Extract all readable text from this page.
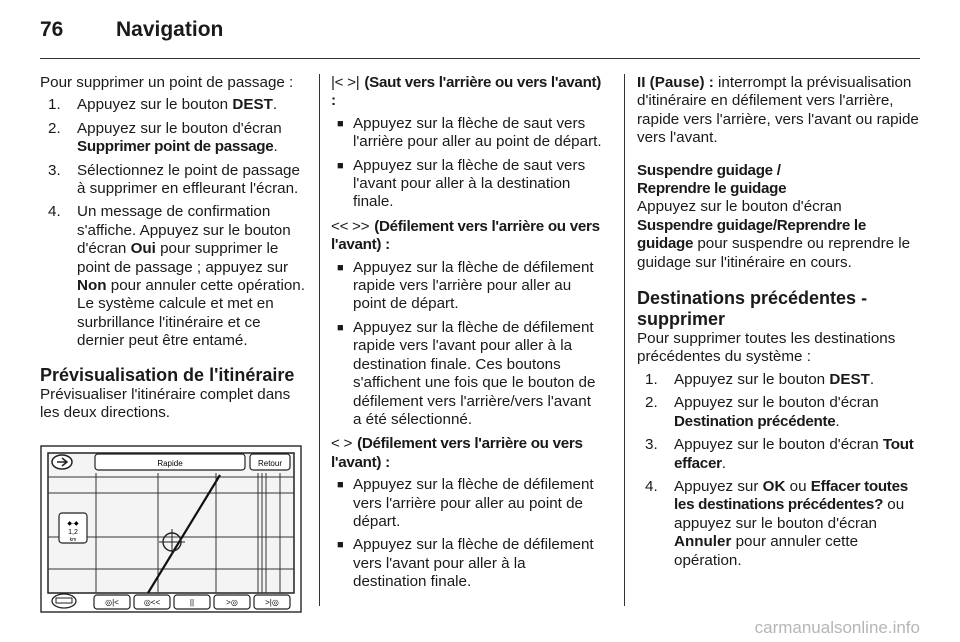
76	Navigation

Pour supprimer un point de passage :

1. Appuyez sur le bouton DEST.
2. Appuyez sur le bouton d'écran Supprimer point de passage.
3. Sélectionnez le point de passage à supprimer en effleurant l'écran.
4. Un message de confirmation s'affiche. Appuyez sur le bouton d'écran Oui pour supprimer le point de passage ; appuyez sur Non pour annuler cette opération. Le système calcule et met en surbrillance l'itinéraire et ce dernier peut être entamé.
Prévisualisation de l'itinéraire

Prévisualiser l'itinéraire complet dans les deux directions.

Rapide	Retour
◆-◆
1,2
km
◎|<	◎<<	||	>◎	>|◎

|< >| (Saut vers l'arrière ou vers l'avant) :

■ Appuyez sur la flèche de saut vers l'arrière pour aller au point de départ.
■ Appuyez sur la flèche de saut vers l'avant pour aller à la destination finale.

<< >> (Défilement vers l'arrière ou vers l'avant) :

■ Appuyez sur la flèche de défilement rapide vers l'arrière pour aller au point de départ.
■ Appuyez sur la flèche de défilement rapide vers l'avant pour aller à la destination finale. Ces boutons s'affichent une fois que le bouton de défilement vers l'arrière/vers l'avant a été sélectionné.

< > (Défilement vers l'arrière ou vers l'avant) :

■ Appuyez sur la flèche de défilement vers l'arrière pour aller au point de départ.
■ Appuyez sur la flèche de défilement vers l'avant pour aller à la destination finale.

II (Pause) : interrompt la prévisualisation d'itinéraire en défilement vers l'arrière, rapide vers l'arrière, vers l'avant ou rapide vers l'avant.

Suspendre guidage /
Reprendre le guidage

Appuyez sur le bouton d'écran Suspendre guidage/Reprendre le guidage pour suspendre ou reprendre le guidage sur l'itinéraire en cours.

Destinations précédentes - supprimer

Pour supprimer toutes les destinations précédentes du système :

1. Appuyez sur le bouton DEST.
2. Appuyez sur le bouton d'écran Destination précédente.
3. Appuyez sur le bouton d'écran Tout effacer.
4. Appuyez sur OK ou Effacer toutes les destinations précédentes? ou appuyez sur le bouton d'écran Annuler pour annuler cette opération.
carmanualsonline.info
